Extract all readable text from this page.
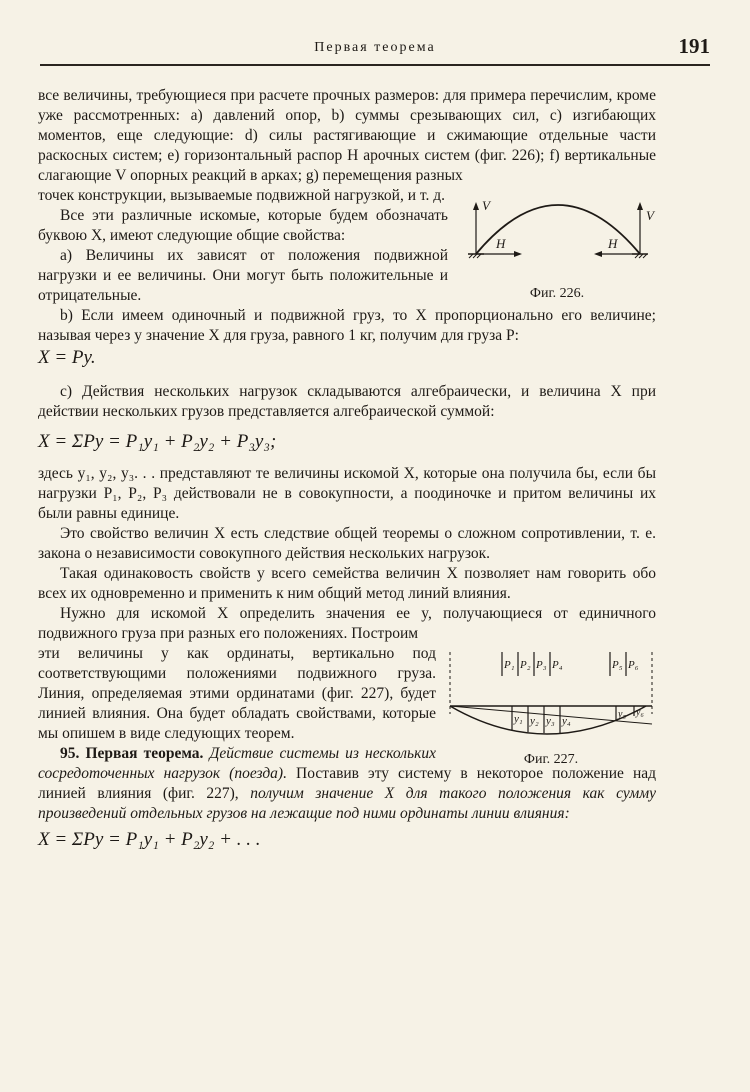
Первая теорема	191

все величины, требующиеся при расчете прочных размеров: для примера перечислим, кроме уже рассмотренных: a) давлений опор, b) суммы срезывающих сил, c) изгибающих моментов, еще следующие: d) силы растягивающие и сжимающие отдельные части раскосных систем; e) горизонтальный распор H арочных систем (фиг. 226); f) вертикальные слагающие V опорных реакций в арках; g) перемещения разных

V
V
H	H
Фиг. 226.

точек конструкции, вызываемые подвижной нагрузкой, и т. д.

Все эти различные искомые, которые будем обозначать буквою X, имеют следующие общие свойства:

a) Величины их зависят от положения подвижной нагрузки и ее величины. Они могут быть положительные и отрицательные.

b) Если имеем одиночный и подвижной груз, то X пропорционально его величине; называя через y значение X для груза, равного 1 кг, получим для груза P:

X = Py.

c) Действия нескольких нагрузок складываются алгебраически, и величина X при действии нескольких грузов представляется алгебраической суммой:

X = ΣPy = P₁y₁ + P₂y₂ + P₃y₃;

здесь y₁, y₂, y₃. . . представляют те величины искомой X, которые она получила бы, если бы нагрузки P₁, P₂, P₃ действовали не в совокупности, а поодиночке и притом величины их были равны единице.

Это свойство величин X есть следствие общей теоремы о сложном сопротивлении, т. е. закона о независимости совокупного действия нескольких нагрузок.

Такая одинаковость свойств у всего семейства величин X позволяет нам говорить обо всех их одновременно и применить к ним общий метод линий влияния.

Нужно для искомой X определить значения ее y, получающиеся от единичного подвижного груза при разных его положениях. Построим

P₁ P₂ P₃ P₄	P₅ P₆
y₁ y₂ y₃ y₄
y₅ y₆
Фиг. 227.

эти величины y как ординаты, вертикально под соответствующими положениями подвижного груза. Линия, определяемая этими ординатами (фиг. 227), будет линией влияния. Она будет обладать свойствами, которые мы опишем в виде следующих теорем.

95. Первая теорема. Действие системы из нескольких сосредоточенных нагрузок (поезда). Поставив эту систему в некоторое положение над линией влияния (фиг. 227), получим значение X для такого положения как сумму произведений отдельных грузов на лежащие под ними ординаты линии влияния:

X = ΣPy = P₁y₁ + P₂y₂ + . . .
